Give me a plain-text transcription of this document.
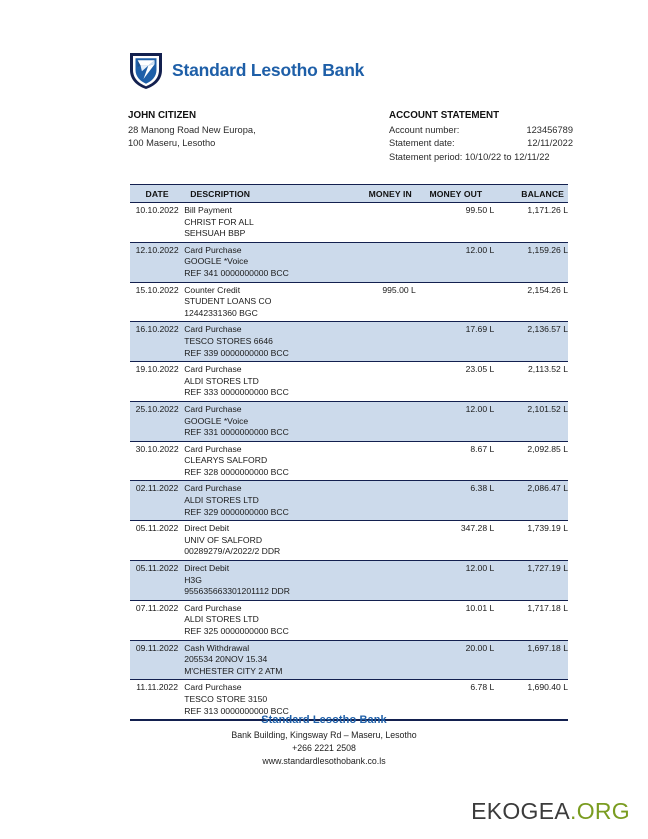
Standard Lesotho Bank
JOHN CITIZEN
28 Manong Road New Europa,
100 Maseru, Lesotho
ACCOUNT STATEMENT
Account number:	123456789
Statement date:	12/11/2022
Statement period: 10/10/22 to 12/11/22
DATE	DESCRIPTION	MONEY IN	MONEY OUT	BALANCE
10.10.2022	Bill Payment
CHRIST FOR ALL
SEHSUAH BBP		99.50 L	1,171.26 L
12.10.2022	Card Purchase
GOOGLE *Voice
REF 341 0000000000 BCC		12.00 L	1,159.26 L
15.10.2022	Counter Credit
STUDENT LOANS CO
12442331360 BGC	995.00 L		2,154.26 L
16.10.2022	Card Purchase
TESCO STORES 6646
REF 339 0000000000 BCC		17.69 L	2,136.57 L
19.10.2022	Card Purchase
ALDI STORES LTD
REF 333 0000000000 BCC		23.05 L	2,113.52 L
25.10.2022	Card Purchase
GOOGLE *Voice
REF 331 0000000000 BCC		12.00 L	2,101.52 L
30.10.2022	Card Purchase
CLEARYS SALFORD
REF 328 0000000000 BCC		8.67 L	2,092.85 L
02.11.2022	Card Purchase
ALDI STORES LTD
REF 329 0000000000 BCC		6.38 L	2,086.47 L
05.11.2022	Direct Debit
UNIV OF SALFORD
00289279/A/2022/2 DDR		347.28 L	1,739.19 L
05.11.2022	Direct Debit
H3G
955635663301201112 DDR		12.00 L	1,727.19 L
07.11.2022	Card Purchase
ALDI STORES LTD
REF 325 0000000000 BCC		10.01 L	1,717.18 L
09.11.2022	Cash Withdrawal
205534 20NOV 15.34
M'CHESTER CITY 2 ATM		20.00 L	1,697.18 L
11.11.2022	Card Purchase
TESCO STORE 3150
REF 313 0000000000 BCC		6.78 L	1,690.40 L
Standard Lesotho Bank
Bank Building, Kingsway Rd – Maseru, Lesotho
+266 2221 2508
www.standardlesothobank.co.ls
EKOGEA.ORG
